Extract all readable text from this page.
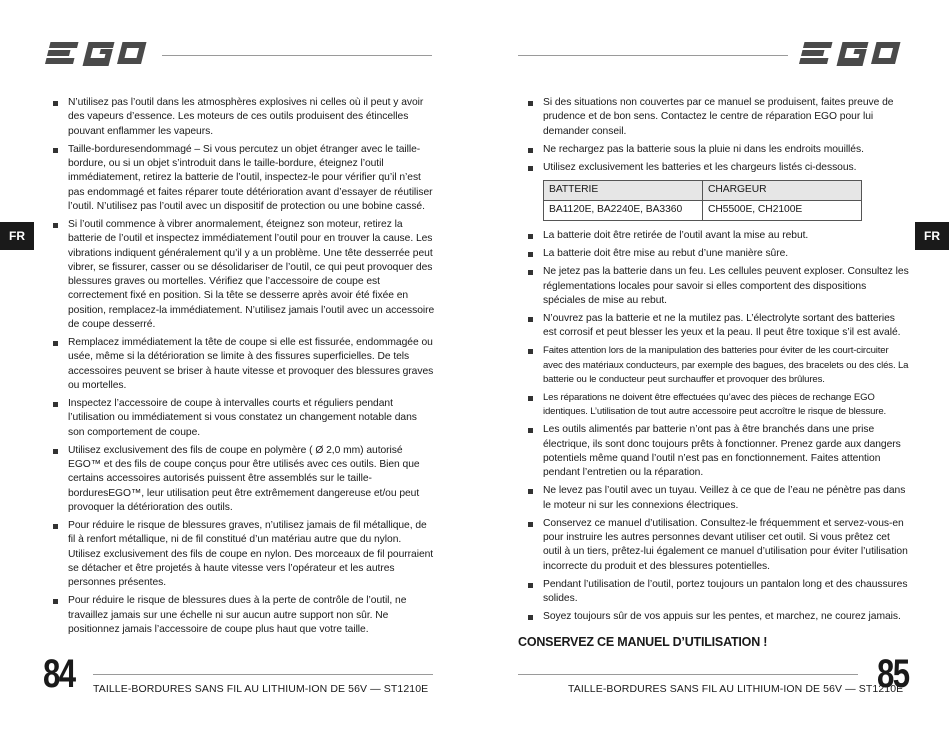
FR
N’utilisez pas l’outil dans les atmosphères explosives ni celles où il peut y avoir des vapeurs d’essence. Les moteurs de ces outils produisent des étincelles pouvant enflammer les vapeurs.
Taille-borduresendommagé – Si vous percutez un objet étranger avec le taille-bordure, ou si un objet s’introduit dans le taille-bordure, éteignez l’outil immédiatement, retirez la batterie de l’outil, inspectez-le pour vérifier qu’il n’est pas endommagé et faites réparer toute détérioration avant d’essayer de réutiliser l’outil. N’utilisez pas l’outil avec un dispositif de protection ou une bobine cassé.
Si l’outil commence à vibrer anormalement, éteignez son moteur, retirez la batterie de l’outil et inspectez immédiatement l’outil pour en trouver la cause. Les vibrations indiquent généralement qu’il y a un problème. Une tête desserrée peut vibrer, se fissurer, casser ou se désolidariser de l’outil, ce qui peut provoquer des blessures graves ou mortelles. Vérifiez que l’accessoire de coupe est correctement fixé en position. Si la tête se desserre après avoir été fixée en position, remplacez-la immédiatement. N’utilisez jamais l’outil avec un accessoire de coupe desserré.
Remplacez immédiatement la tête de coupe si elle est fissurée, endommagée ou usée, même si la détérioration se limite à des fissures superficielles. De tels accessoires peuvent se briser à haute vitesse et provoquer des blessures graves ou mortelles.
Inspectez l’accessoire de coupe à intervalles courts et réguliers pendant l’utilisation ou immédiatement si vous constatez un changement notable dans son comportement de coupe.
Utilisez exclusivement des fils de coupe en polymère ( Ø 2,0 mm) autorisé EGO™ et des fils de coupe conçus pour être utilisés avec ces outils. Bien que certains accessoires autorisés puissent être assemblés sur le taille-borduresEGO™, leur utilisation peut être extrêmement dangereuse et/ou peut provoquer la détérioration des outils.
Pour réduire le risque de blessures graves, n’utilisez jamais de fil métallique, de fil à renfort métallique, ni de fil constitué d’un matériau autre que du nylon. Utilisez exclusivement des fils de coupe en nylon. Des morceaux de fil pourraient se détacher et être projetés à haute vitesse vers l’opérateur et les autres personnes présentes.
Pour réduire le risque de blessures dues à la perte de contrôle de l’outil, ne travaillez jamais sur une échelle ni sur aucun autre support non sûr. Ne positionnez jamais l’accessoire de coupe plus haut que votre taille.
84 TAILLE-BORDURES SANS FIL AU LITHIUM-ION DE 56V — ST1210E
FR
Si des situations non couvertes par ce manuel se produisent, faites preuve de prudence et de bon sens. Contactez le centre de réparation EGO pour lui demander conseil.
Ne rechargez pas la batterie sous la pluie ni dans les endroits mouillés.
Utilisez exclusivement les batteries et les chargeurs listés ci-dessous.
BATTERIE	CHARGEUR
BA1120E, BA2240E, BA3360	CH5500E, CH2100E
La batterie doit être retirée de l’outil avant la mise au rebut.
La batterie doit être mise au rebut d’une manière sûre.
Ne jetez pas la batterie dans un feu. Les cellules peuvent exploser. Consultez les réglementations locales pour savoir si elles comportent des dispositions spéciales de mise au rebut.
N’ouvrez pas la batterie et ne la mutilez pas. L’électrolyte sortant des batteries est corrosif et peut blesser les yeux et la peau. Il peut être toxique s’il est avalé.
Faites attention lors de la manipulation des batteries pour éviter de les court-circuiter avec des matériaux conducteurs, par exemple des bagues, des bracelets ou des clés. La batterie ou le conducteur peut surchauffer et provoquer des brûlures.
Les réparations ne doivent être effectuées qu’avec des pièces de rechange EGO identiques. L’utilisation de tout autre accessoire peut accroître le risque de blessure.
Les outils alimentés par batterie n’ont pas à être branchés dans une prise électrique, ils sont donc toujours prêts à fonctionner. Prenez garde aux dangers potentiels même quand l’outil n’est pas en fonctionnement. Faites attention pendant l’entretien ou la réparation.
Ne levez pas l’outil avec un tuyau. Veillez à ce que de l’eau ne pénètre pas dans le moteur ni sur les connexions électriques.
Conservez ce manuel d’utilisation. Consultez-le fréquemment et servez-vous-en pour instruire les autres personnes devant utiliser cet outil. Si vous prêtez cet outil à un tiers, prêtez-lui également ce manuel d’utilisation pour éviter l’utilisation incorrecte du produit et des blessures potentielles.
Pendant l’utilisation de l’outil, portez toujours un pantalon long et des chaussures solides.
Soyez toujours sûr de vos appuis sur les pentes, et marchez, ne courez jamais.
CONSERVEZ CE MANUEL D’UTILISATION !
TAILLE-BORDURES SANS FIL AU LITHIUM-ION DE 56V — ST1210E
85
